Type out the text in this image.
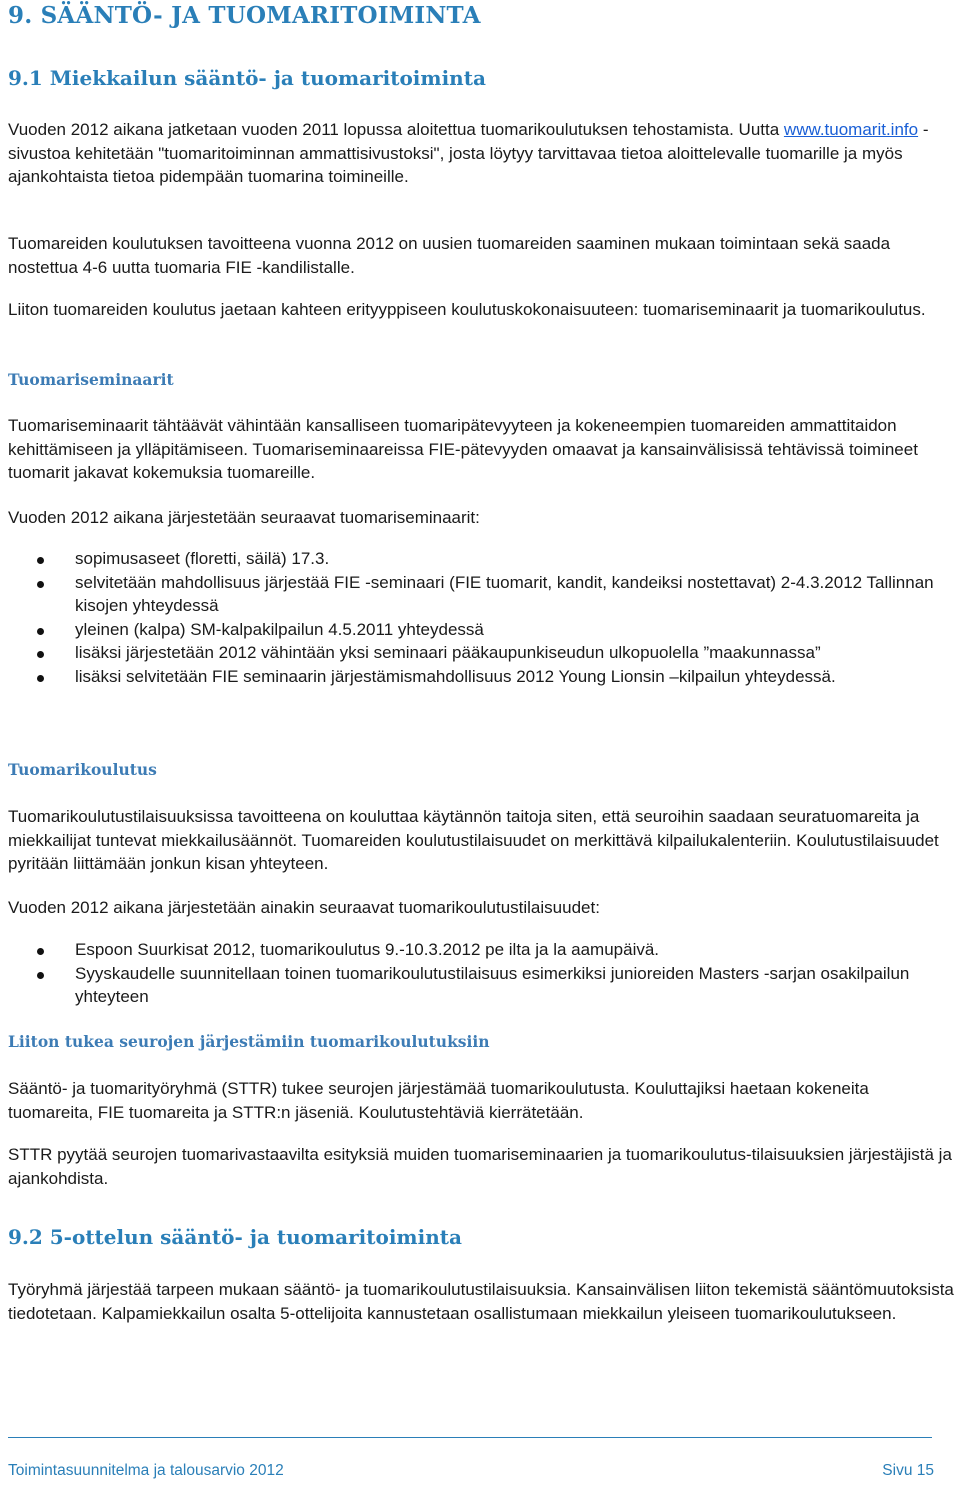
9. SÄÄNTÖ- JA TUOMARITOIMINTA
9.1 Miekkailun sääntö- ja tuomaritoiminta

Vuoden 2012 aikana jatketaan vuoden 2011 lopussa aloitettua tuomarikoulutuksen tehostamista. Uutta www.tuomarit.info -sivustoa kehitetään "tuomaritoiminnan ammattisivustoksi", josta löytyy tarvittavaa tietoa aloittelevalle tuomarille ja myös ajankohtaista tietoa pidempään tuomarina toimineille.

Tuomareiden koulutuksen tavoitteena vuonna 2012 on uusien tuomareiden saaminen mukaan toimintaan sekä saada nostettua 4-6 uutta tuomaria FIE -kandilistalle.

Liiton tuomareiden koulutus jaetaan kahteen erityyppiseen koulutuskokonaisuuteen: tuomariseminaarit ja tuomarikoulutus.

Tuomariseminaarit

Tuomariseminaarit tähtäävät vähintään kansalliseen tuomaripätevyyteen ja kokeneempien tuomareiden ammattitaidon kehittämiseen ja ylläpitämiseen. Tuomariseminaareissa FIE-pätevyyden omaavat ja kansainvälisissä tehtävissä toimineet tuomarit jakavat kokemuksia tuomareille.

Vuoden 2012 aikana järjestetään seuraavat tuomariseminaarit:

sopimusaseet (floretti, säilä) 17.3.
selvitetään mahdollisuus järjestää FIE -seminaari (FIE tuomarit, kandit, kandeiksi nostettavat) 2-4.3.2012 Tallinnan kisojen yhteydessä
yleinen (kalpa) SM-kalpakilpailun 4.5.2011 yhteydessä
lisäksi järjestetään 2012 vähintään yksi seminaari pääkaupunkiseudun ulkopuolella ”maakunnassa”
lisäksi selvitetään FIE seminaarin järjestämismahdollisuus 2012 Young Lionsin –kilpailun yhteydessä.
Tuomarikoulutus

Tuomarikoulutustilaisuuksissa tavoitteena on kouluttaa käytännön taitoja siten, että seuroihin saadaan seuratuomareita ja miekkailijat tuntevat miekkailusäännöt. Tuomareiden koulutustilaisuudet on merkittävä kilpailukalenteriin. Koulutustilaisuudet pyritään liittämään jonkun kisan yhteyteen.

Vuoden 2012 aikana järjestetään ainakin seuraavat tuomarikoulutustilaisuudet:

Espoon Suurkisat 2012, tuomarikoulutus 9.-10.3.2012 pe ilta ja la aamupäivä.
Syyskaudelle suunnitellaan toinen tuomarikoulutustilaisuus esimerkiksi junioreiden Masters -sarjan osakilpailun yhteyteen
Liiton tukea seurojen järjestämiin tuomarikoulutuksiin

Sääntö- ja tuomarityöryhmä (STTR) tukee seurojen järjestämää tuomarikoulutusta. Kouluttajiksi haetaan kokeneita tuomareita, FIE tuomareita ja STTR:n jäseniä. Koulutustehtäviä kierrätetään.

STTR pyytää seurojen tuomarivastaavilta esityksiä muiden tuomariseminaarien ja tuomarikoulutus-tilaisuuksien järjestäjistä ja ajankohdista.

9.2 5-ottelun sääntö- ja tuomaritoiminta

Työryhmä järjestää tarpeen mukaan sääntö- ja tuomarikoulutustilaisuuksia. Kansainvälisen liiton tekemistä sääntömuutoksista tiedotetaan. Kalpamiekkailun osalta 5-ottelijoita kannustetaan osallistumaan miekkailun yleiseen tuomarikoulutukseen.

Toimintasuunnitelma ja talousarvio 2012	Sivu 15
